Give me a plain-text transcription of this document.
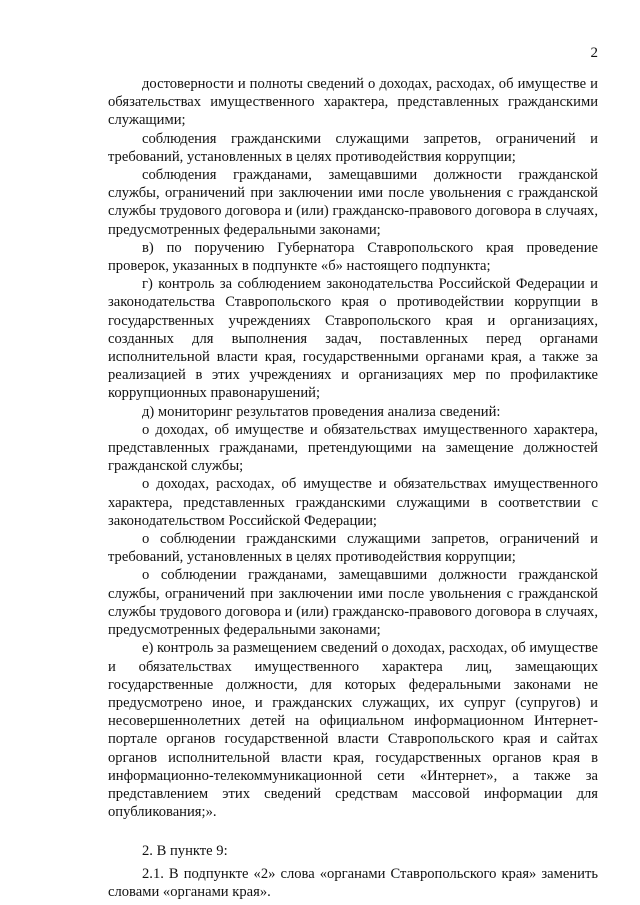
2

достоверности и полноты сведений о доходах, расходах, об имуществе и обязательствах имущественного характера, представленных гражданскими служащими;

соблюдения гражданскими служащими запретов, ограничений и требований, установленных в целях противодействия коррупции;

соблюдения гражданами, замещавшими должности гражданской службы, ограничений при заключении ими после увольнения с гражданской службы трудового договора и (или) гражданско-правового договора в случаях, предусмотренных федеральными законами;

в) по поручению Губернатора Ставропольского края проведение проверок, указанных в подпункте «б» настоящего подпункта;

г) контроль за соблюдением законодательства Российской Федерации и законодательства Ставропольского края о противодействии коррупции в государственных учреждениях Ставропольского края и организациях, созданных для выполнения задач, поставленных перед органами исполнительной власти края, государственными органами края, а также за реализацией в этих учреждениях и организациях мер по профилактике коррупционных правонарушений;

д) мониторинг результатов проведения анализа сведений:

о доходах, об имуществе и обязательствах имущественного характера, представленных гражданами, претендующими на замещение должностей гражданской службы;

о доходах, расходах, об имуществе и обязательствах имущественного характера, представленных гражданскими служащими в соответствии с законодательством Российской Федерации;

о соблюдении гражданскими служащими запретов, ограничений и требований, установленных в целях противодействия коррупции;

о соблюдении гражданами, замещавшими должности гражданской службы, ограничений при заключении ими после увольнения с гражданской службы трудового договора и (или) гражданско-правового договора в случаях, предусмотренных федеральными законами;

е) контроль за размещением сведений о доходах, расходах, об имуществе и обязательствах имущественного характера лиц, замещающих государственные должности, для которых федеральными законами не предусмотрено иное, и гражданских служащих, их супруг (супругов) и несовершеннолетних детей на официальном информационном Интернет-портале органов государственной власти Ставропольского края и сайтах органов исполнительной власти края, государственных органов края в информационно-телекоммуникационной сети «Интернет», а также за представлением этих сведений средствам массовой информации для опубликования;».

2. В пункте 9:

2.1. В подпункте «2» слова «органами Ставропольского края» заменить словами «органами края».
